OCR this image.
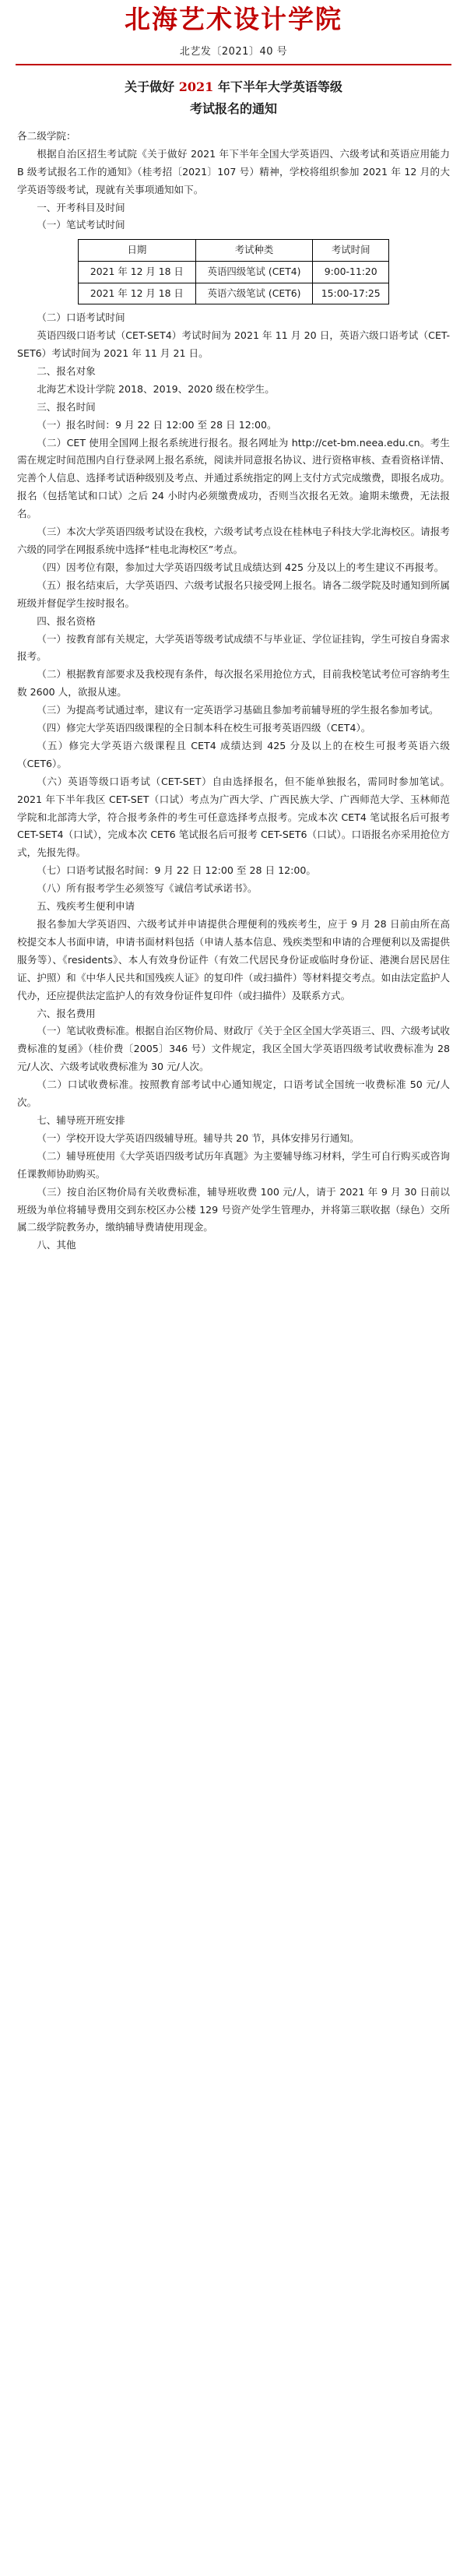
北海艺术设计学院
北艺发〔2021〕40 号
关于做好 2021 年下半年大学英语等级
考试报名的通知

各二级学院：

根据自治区招生考试院《关于做好 2021 年下半年全国大学英语四、六级考试和英语应用能力 B 级考试报名工作的通知》（桂考招〔2021〕107 号）精神，学校将组织参加 2021 年 12 月的大学英语等级考试，现就有关事项通知如下。

一、开考科目及时间

（一）笔试考试时间

日期	考试种类	考试时间
2021 年 12 月 18 日	英语四级笔试 (CET4)	9:00-11:20
2021 年 12 月 18 日	英语六级笔试 (CET6)	15:00-17:25

（二）口语考试时间

英语四级口语考试（CET-SET4）考试时间为 2021 年 11 月 20 日，英语六级口语考试（CET-SET6）考试时间为 2021 年 11 月 21 日。

二、报名对象

北海艺术设计学院 2018、2019、2020 级在校学生。

三、报名时间

（一）报名时间：9 月 22 日 12:00 至 28 日 12:00。

（二）CET 使用全国网上报名系统进行报名。报名网址为 http://cet-bm.neea.edu.cn。考生需在规定时间范围内自行登录网上报名系统，阅读并同意报名协议、进行资格审核、查看资格详情、完善个人信息、选择考试语种级别及考点、并通过系统指定的网上支付方式完成缴费，即报名成功。报名（包括笔试和口试）之后 24 小时内必须缴费成功，否则当次报名无效。逾期未缴费，无法报名。

（三）本次大学英语四级考试设在我校，六级考试考点设在桂林电子科技大学北海校区。请报考六级的同学在网报系统中选择“桂电北海校区”考点。

（四）因考位有限，参加过大学英语四级考试且成绩达到 425 分及以上的考生建议不再报考。

（五）报名结束后，大学英语四、六级考试报名只接受网上报名。请各二级学院及时通知到所属班级并督促学生按时报名。

四、报名资格

（一）按教育部有关规定，大学英语等级考试成绩不与毕业证、学位证挂钩，学生可按自身需求报考。

（二）根据教育部要求及我校现有条件，每次报名采用抢位方式，目前我校笔试考位可容纳考生数 2600 人，欲报从速。

（三）为提高考试通过率，建议有一定英语学习基础且参加考前辅导班的学生报名参加考试。

（四）修完大学英语四级课程的全日制本科在校生可报考英语四级（CET4）。

（五）修完大学英语六级课程且 CET4 成绩达到 425 分及以上的在校生可报考英语六级（CET6）。

（六）英语等级口语考试（CET-SET）自由选择报名，但不能单独报名，需同时参加笔试。2021 年下半年我区 CET-SET（口试）考点为广西大学、广西民族大学、广西师范大学、玉林师范学院和北部湾大学，符合报考条件的考生可任意选择考点报考。完成本次 CET4 笔试报名后可报考 CET-SET4（口试），完成本次 CET6 笔试报名后可报考 CET-SET6（口试）。口语报名亦采用抢位方式，先报先得。

（七）口语考试报名时间：9 月 22 日 12:00 至 28 日 12:00。

（八）所有报考学生必须签写《诚信考试承诺书》。

五、残疾考生便利申请

报名参加大学英语四、六级考试并申请提供合理便利的残疾考生，应于 9 月 28 日前由所在高校提交本人书面申请，申请书面材料包括（申请人基本信息、残疾类型和申请的合理便利以及需提供服务等）、《residents》、本人有效身份证件（有效二代居民身份证或临时身份证、港澳台居民居住证、护照）和《中华人民共和国残疾人证》的复印件（或扫描件）等材料提交考点。如由法定监护人代办，还应提供法定监护人的有效身份证件复印件（或扫描件）及联系方式。

六、报名费用

（一）笔试收费标准。根据自治区物价局、财政厅《关于全区全国大学英语三、四、六级考试收费标准的复函》（桂价费〔2005〕346 号）文件规定，我区全国大学英语四级考试收费标准为 28 元/人次、六级考试收费标准为 30 元/人次。

（二）口试收费标准。按照教育部考试中心通知规定，口语考试全国统一收费标准 50 元/人次。

七、辅导班开班安排

（一）学校开设大学英语四级辅导班。辅导共 20 节，具体安排另行通知。

（二）辅导班使用《大学英语四级考试历年真题》为主要辅导练习材料，学生可自行购买或咨询任课教师协助购买。

（三）按自治区物价局有关收费标准，辅导班收费 100 元/人，请于 2021 年 9 月 30 日前以班级为单位将辅导费用交到东校区办公楼 129 号资产处学生管理办，并将第三联收据（绿色）交所属二级学院教务办，缴纳辅导费请使用现金。

八、其他
